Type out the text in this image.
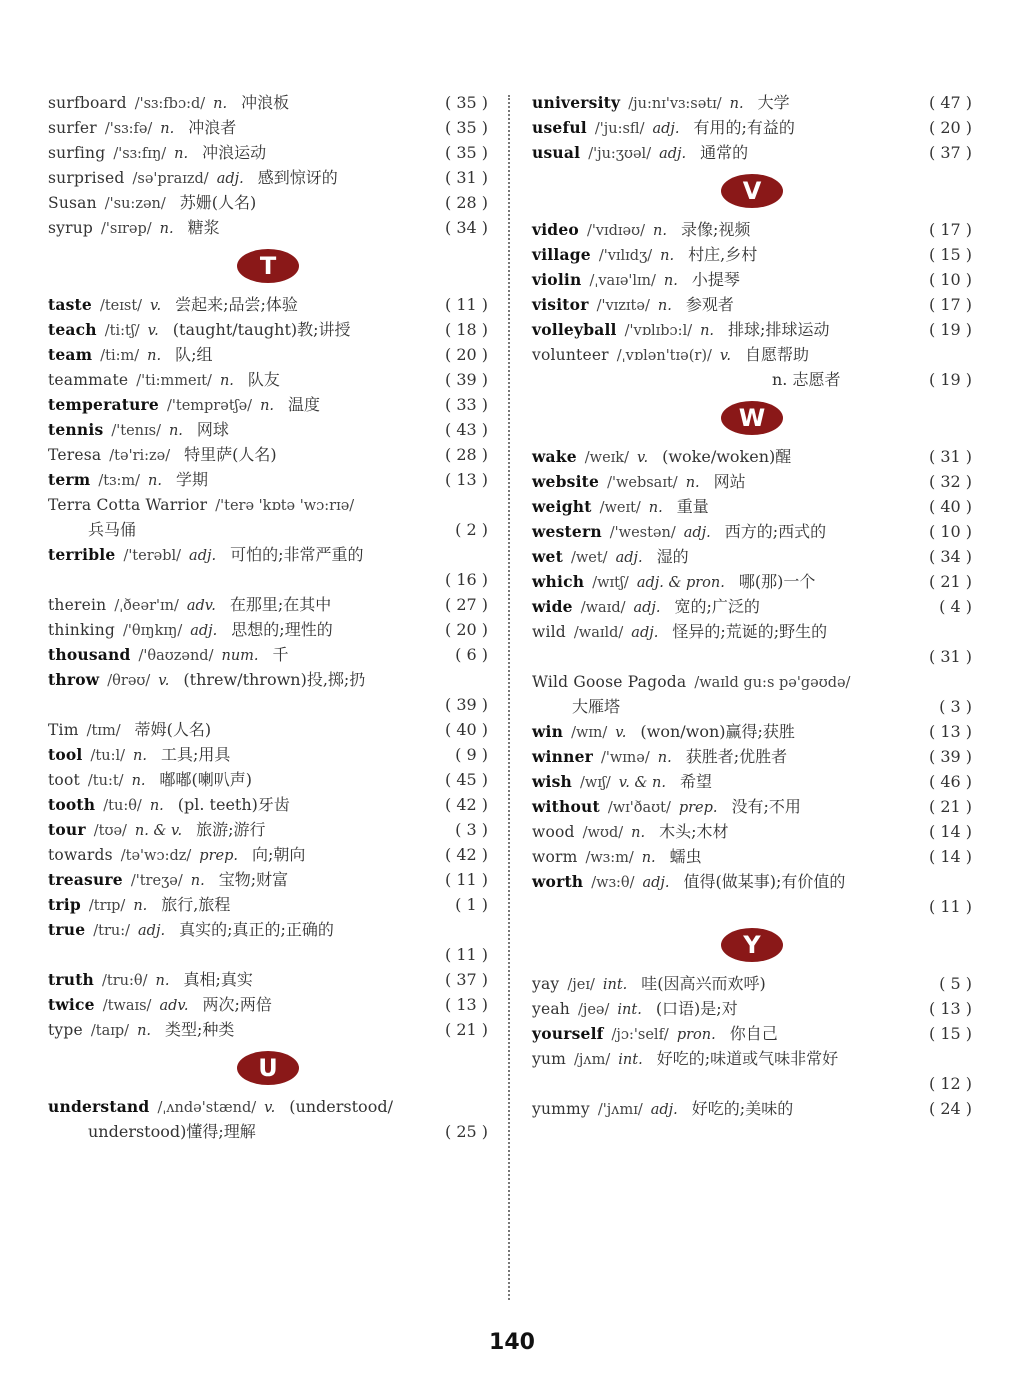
surfboard /'sɜ:fbɔ:d/ n. 冲浪板	( 35 )
surfer /'sɜ:fə/ n. 冲浪者	( 35 )
surfing /'sɜ:fɪŋ/ n. 冲浪运动	( 35 )
surprised /sə'praɪzd/ adj. 感到惊讶的	( 31 )
Susan /'su:zən/ 苏姗(人名)	( 28 )
syrup /'sɪrəp/ n. 糖浆	( 34 )
T
taste /teɪst/ v. 尝起来;品尝;体验	( 11 )
teach /ti:tʃ/ v. (taught/taught)教;讲授	( 18 )
team /ti:m/ n. 队;组	( 20 )
teammate /'ti:mmeɪt/ n. 队友	( 39 )
temperature /'temprətʃə/ n. 温度	( 33 )
tennis /'tenɪs/ n. 网球	( 43 )
Teresa /tə'ri:zə/ 特里萨(人名)	( 28 )
term /tɜ:m/ n. 学期	( 13 )
Terra Cotta Warrior /'terə 'kɒtə 'wɔ:rɪə/
兵马俑	( 2 )
terrible /'terəbl/ adj. 可怕的;非常严重的
( 16 )
therein /ˌðeər'ɪn/ adv. 在那里;在其中	( 27 )
thinking /'θɪŋkɪŋ/ adj. 思想的;理性的	( 20 )
thousand /'θaʊzənd/ num. 千	( 6 )
throw /θrəʊ/ v. (threw/thrown)投,掷;扔
( 39 )
Tim /tɪm/ 蒂姆(人名)	( 40 )
tool /tu:l/ n. 工具;用具	( 9 )
toot /tu:t/ n. 嘟嘟(喇叭声)	( 45 )
tooth /tu:θ/ n. (pl. teeth)牙齿	( 42 )
tour /tʊə/ n. & v. 旅游;游行	( 3 )
towards /tə'wɔ:dz/ prep. 向;朝向	( 42 )
treasure /'treʒə/ n. 宝物;财富	( 11 )
trip /trɪp/ n. 旅行,旅程	( 1 )
true /tru:/ adj. 真实的;真正的;正确的
( 11 )
truth /tru:θ/ n. 真相;真实	( 37 )
twice /twaɪs/ adv. 两次;两倍	( 13 )
type /taɪp/ n. 类型;种类	( 21 )
U
understand /ˌʌndə'stænd/ v. (understood/
understood)懂得;理解	( 25 )
university /ju:nɪ'vɜ:sətɪ/ n. 大学	( 47 )
useful /'ju:sfl/ adj. 有用的;有益的	( 20 )
usual /'ju:ʒʊəl/ adj. 通常的	( 37 )
V
video /'vɪdɪəʊ/ n. 录像;视频	( 17 )
village /'vɪlɪdʒ/ n. 村庄,乡村	( 15 )
violin /ˌvaɪə'lɪn/ n. 小提琴	( 10 )
visitor /'vɪzɪtə/ n. 参观者	( 17 )
volleyball /'vɒlɪbɔ:l/ n. 排球;排球运动	( 19 )
volunteer /ˌvɒlən'tɪə(r)/ v. 自愿帮助
n. 志愿者	( 19 )
W
wake /weɪk/ v. (woke/woken)醒	( 31 )
website /'websaɪt/ n. 网站	( 32 )
weight /weɪt/ n. 重量	( 40 )
western /'westən/ adj. 西方的;西式的	( 10 )
wet /wet/ adj. 湿的	( 34 )
which /wɪtʃ/ adj. & pron. 哪(那)一个	( 21 )
wide /waɪd/ adj. 宽的;广泛的	( 4 )
wild /waɪld/ adj. 怪异的;荒诞的;野生的
( 31 )
Wild Goose Pagoda /waɪld gu:s pə'gəʊdə/
大雁塔	( 3 )
win /wɪn/ v. (won/won)赢得;获胜	( 13 )
winner /'wɪnə/ n. 获胜者;优胜者	( 39 )
wish /wɪʃ/ v. & n. 希望	( 46 )
without /wɪ'ðaʊt/ prep. 没有;不用	( 21 )
wood /wʊd/ n. 木头;木材	( 14 )
worm /wɜ:m/ n. 蠕虫	( 14 )
worth /wɜ:θ/ adj. 值得(做某事);有价值的
( 11 )
Y
yay /jeɪ/ int. 哇(因高兴而欢呼)	( 5 )
yeah /jeə/ int. (口语)是;对	( 13 )
yourself /jɔ:'self/ pron. 你自己	( 15 )
yum /jʌm/ int. 好吃的;味道或气味非常好
( 12 )
yummy /'jʌmɪ/ adj. 好吃的;美味的	( 24 )
140
